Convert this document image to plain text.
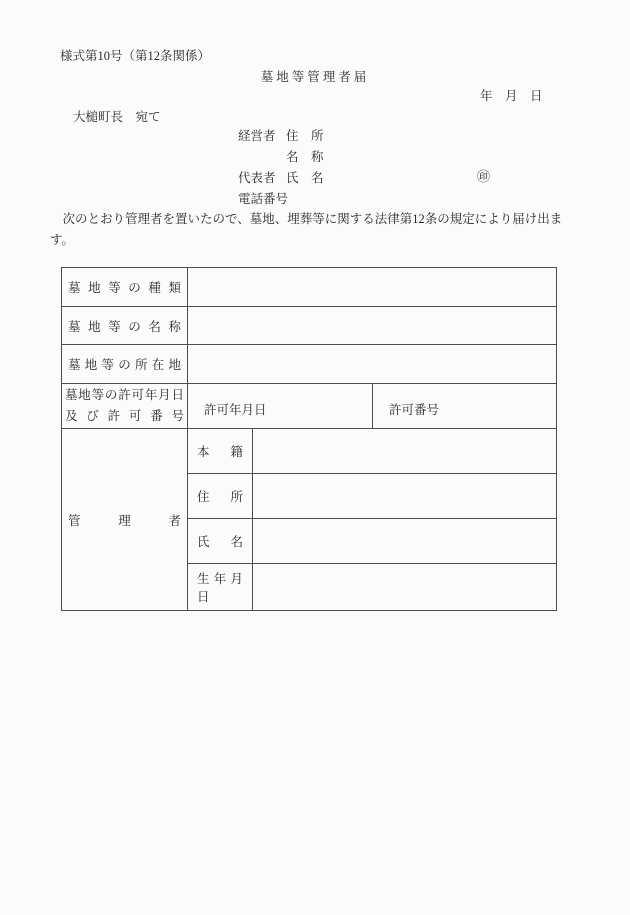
様式第10号（第12条関係）
墓地等管理者届
年　月　日
大槌町長　宛て
経営者 住　所
名　称
代表者 氏　名	㊞
電話番号
　次のとおり管理者を置いたので、墓地、埋葬等に関する法律第12条の規定により届け出ま
す。
墓地等の種類			
墓地等の名称			
墓地等の所在地			

墓地等の許可年月日
及び許可番号	許可年月日		許可番号
管理者	本籍		
	住所		
	氏名		
	生年月日		
